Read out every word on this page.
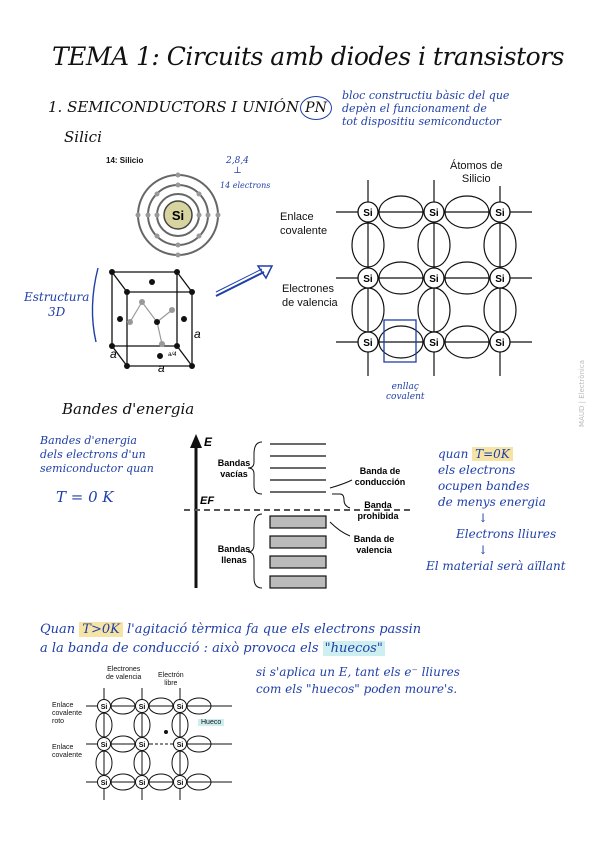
TEMA 1: Circuits amb diodes i transistors
1. SEMICONDUCTORS I UNIÓN PN
bloc constructiu bàsic del que
depèn el funcionament de
tot dispositiu semiconductor
Silici
14: Silicio
Si
2,8,4
⊥
14 electrons
Estructura
3D
a
a
a
a/4
Si	Si	Si
Si	Si	Si
Si	Si	Si
Átomos de
Silicio
Enlace
covalente
Electrones
de valencia
enllaç
covalent
Bandes d'energia
Bandes d'energia
dels electrons d'un
semiconductor quan
T = 0 K
E
EF
Bandas
vacías	Banda de
conducción
Banda
prohibida
Bandas
llenas
Banda de
valencia
quan T=0K
els electrons
ocupen bandes
de menys energia
↓
Electrons lliures
↓
El material serà aïllant
Quan T>0K l'agitació tèrmica fa que els electrons passin
a la banda de conducció : això provoca els "huecos"
si s'aplica un E, tant els e⁻ lliures
com els "huecos" poden moure's.
Si	Si	Si
Si	Si	Si
Si	Si	Si
Electrones
de valencia Electrón
libre
Enlace
covalente
roto	Hueco
Enlace
covalente
MAUD | Electrònica
